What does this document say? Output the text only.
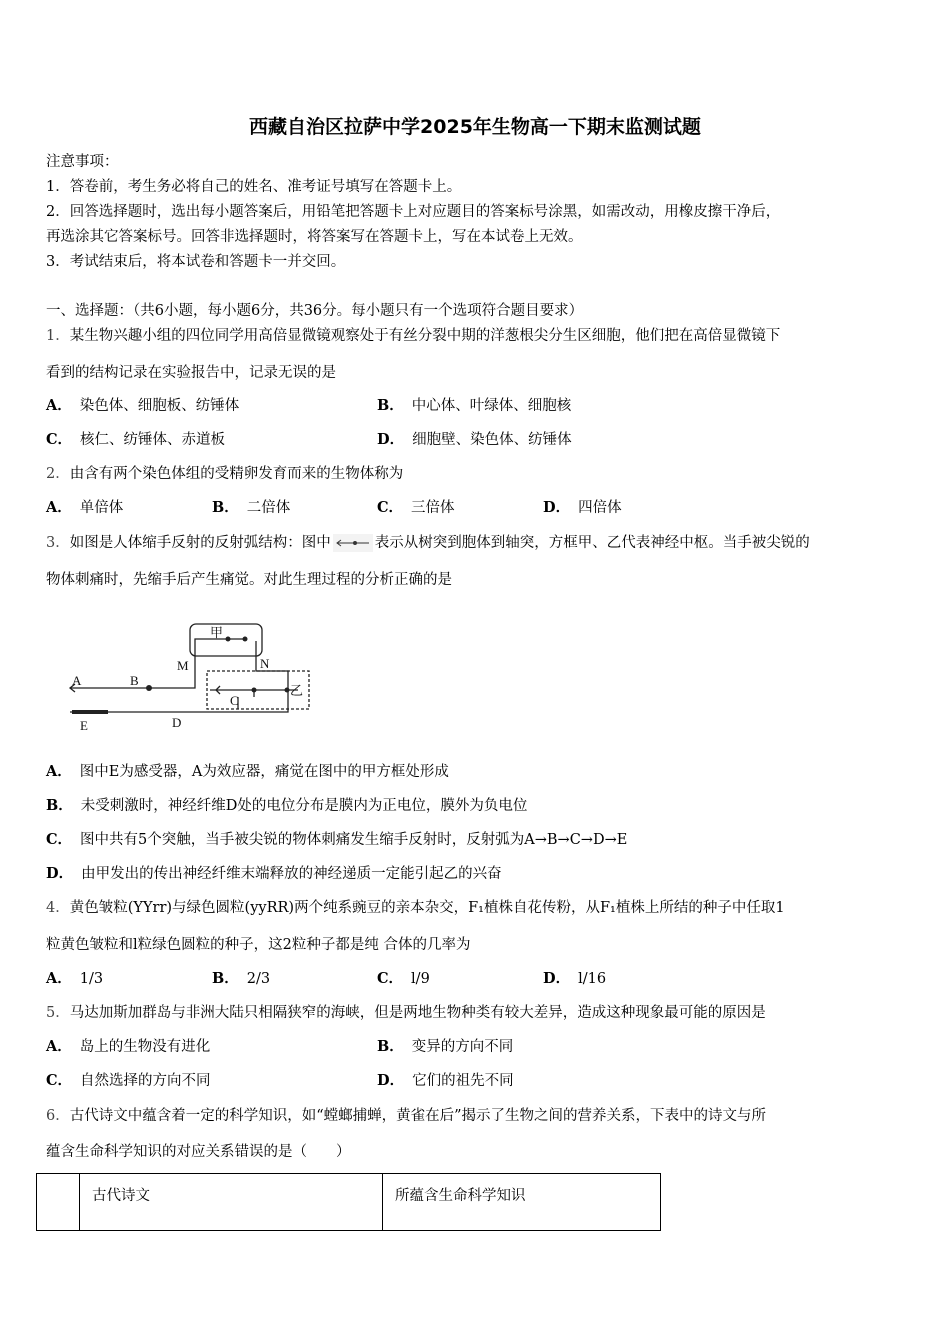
西藏自治区拉萨中学2025年生物高一下期末监测试题
注意事项：
1．答卷前，考生务必将自己的姓名、准考证号填写在答题卡上。
2．回答选择题时，选出每小题答案后，用铅笔把答题卡上对应题目的答案标号涂黑，如需改动，用橡皮擦干净后，
再选涂其它答案标号。回答非选择题时，将答案写在答题卡上，写在本试卷上无效。
3．考试结束后，将本试卷和答题卡一并交回。
一、选择题：（共6小题，每小题6分，共36分。每小题只有一个选项符合题目要求）
1．某生物兴趣小组的四位同学用高倍显微镜观察处于有丝分裂中期的洋葱根尖分生区细胞，他们把在高倍显微镜下
看到的结构记录在实验报告中，记录无误的是
A． 染色体、细胞板、纺锤体	B． 中心体、叶绿体、细胞核
C． 核仁、纺锤体、赤道板	D． 细胞壁、染色体、纺锤体
2．由含有两个染色体组的受精卵发育而来的生物体称为
A． 单倍体	B． 二倍体	C． 三倍体	D． 四倍体
3．如图是人体缩手反射的反射弧结构：图中	表示从树突到胞体到轴突，方框甲、乙代表神经中枢。当手被尖锐的
物体刺痛时，先缩手后产生痛觉。对此生理过程的分析正确的是
A	B
M	N
C
D
E
甲
乙
A． 图中E为感受器，A为效应器，痛觉在图中的甲方框处形成
B． 未受刺激时，神经纤维D处的电位分布是膜内为正电位，膜外为负电位
C． 图中共有5个突触，当手被尖锐的物体刺痛发生缩手反射时，反射弧为A→B→C→D→E
D． 由甲发出的传出神经纤维末端释放的神经递质一定能引起乙的兴奋
4．黄色皱粒(YYrr)与绿色圆粒(yyRR)两个纯系豌豆的亲本杂交，F₁植株自花传粉，从F₁植株上所结的种子中任取1
粒黄色皱粒和l粒绿色圆粒的种子，这2粒种子都是纯 合体的几率为
A． 1/3	B． 2/3	C． l/9	D． l/16
5．马达加斯加群岛与非洲大陆只相隔狭窄的海峡，但是两地生物种类有较大差异，造成这种现象最可能的原因是
A． 岛上的生物没有进化	B． 变异的方向不同
C． 自然选择的方向不同	D． 它们的祖先不同
6．古代诗文中蕴含着一定的科学知识，如“螳螂捕蝉，黄雀在后”揭示了生物之间的营养关系，下表中的诗文与所
蕴含生命科学知识的对应关系错误的是（　　）
	古代诗文	所蕴含生命科学知识
